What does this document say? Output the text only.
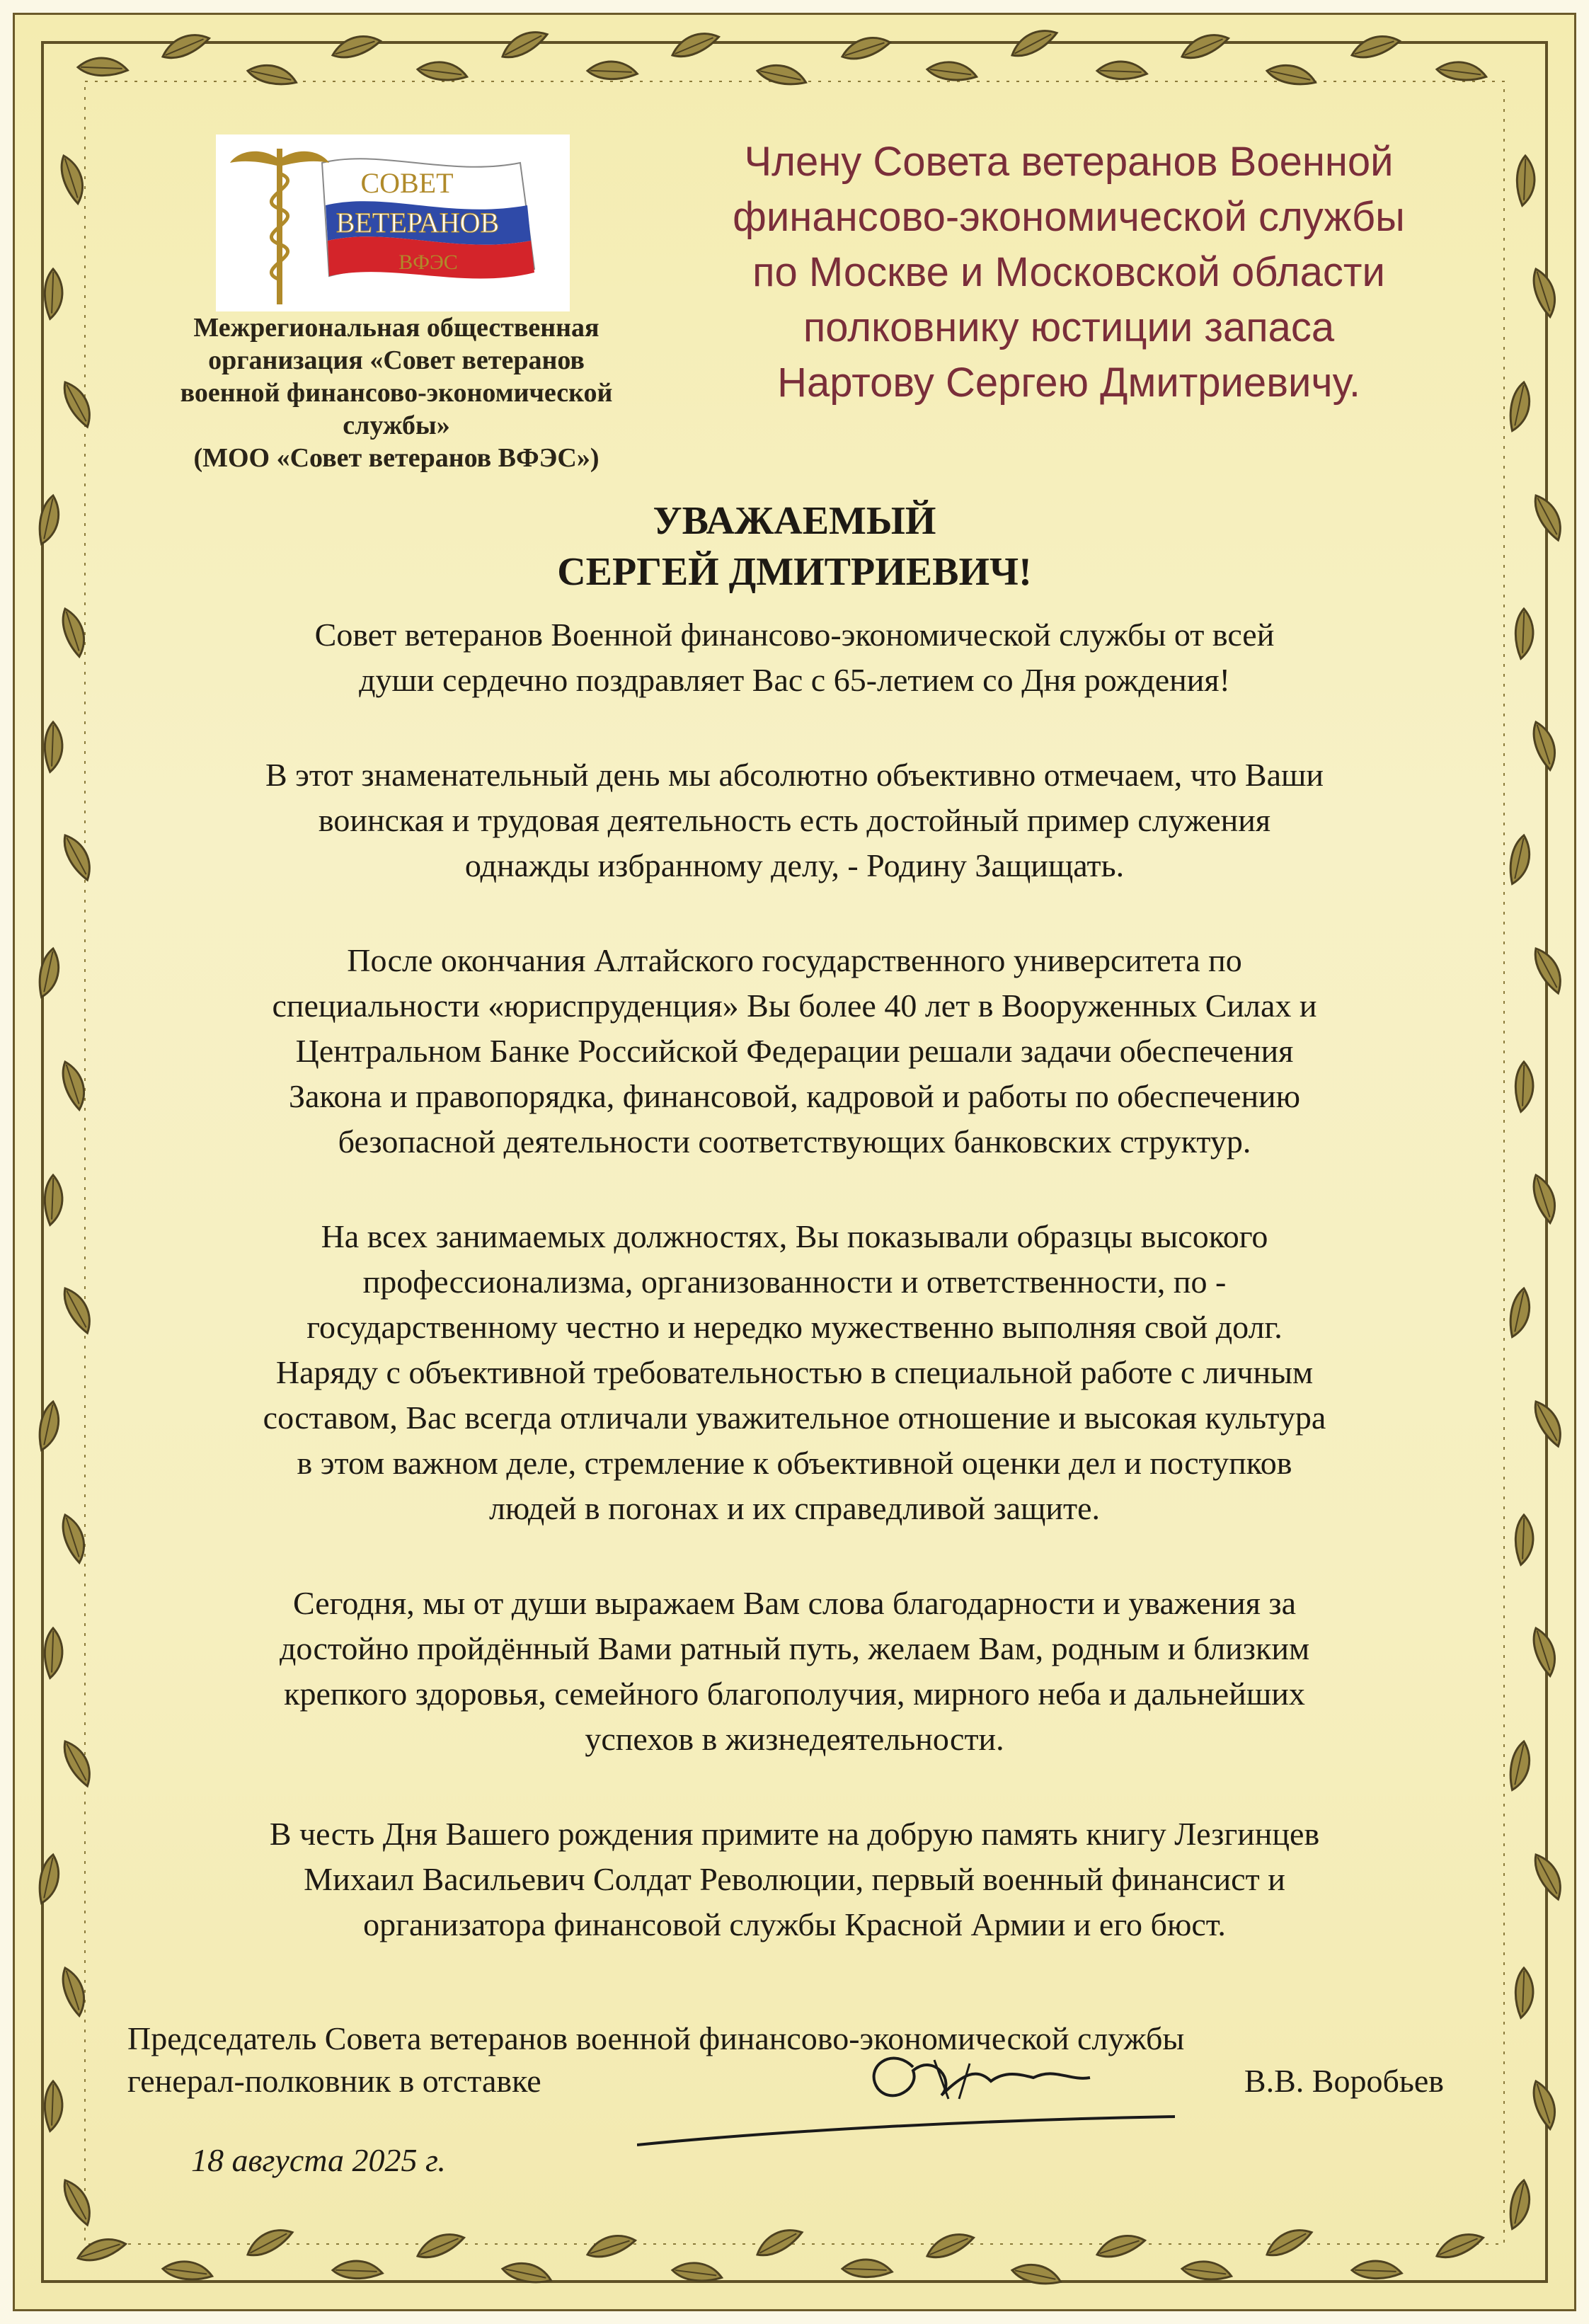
СОВЕТ
ВЕТЕРАНОВ
ВФЭС
Межрегиональная общественная
организация «Совет ветеранов
военной финансово-экономической
службы»
(МОО «Совет ветеранов ВФЭС»)
Члену Совета ветеранов Военной
финансово-экономической службы
по Москве и Московской области
полковнику юстиции запаса
Нартову Сергею Дмитриевичу.
УВАЖАЕМЫЙ
СЕРГЕЙ ДМИТРИЕВИЧ!
Совет ветеранов Военной финансово-экономической службы от всей
души сердечно поздравляет Вас с 65-летием со Дня рождения!
В этот знаменательный день мы абсолютно объективно отмечаем, что Ваши
воинская и трудовая деятельность есть достойный пример служения
однажды избранному делу, - Родину Защищать.
После окончания Алтайского государственного университета по
специальности «юриспруденция» Вы более 40 лет в Вооруженных Силах и
Центральном Банке Российской Федерации решали задачи обеспечения
Закона и правопорядка, финансовой, кадровой и работы по обеспечению
безопасной деятельности соответствующих банковских структур.
На всех занимаемых должностях, Вы показывали образцы высокого
профессионализма, организованности и ответственности, по -
государственному честно и нередко мужественно выполняя свой долг.
Наряду с объективной требовательностью в специальной работе с личным
составом, Вас всегда отличали уважительное отношение и высокая культура
в этом важном деле, стремление к объективной оценки дел и поступков
людей в погонах и их справедливой защите.
Сегодня, мы от души выражаем Вам слова благодарности и уважения за
достойно пройдённый Вами ратный путь, желаем Вам, родным и близким
крепкого здоровья, семейного благополучия, мирного неба и дальнейших
успехов в жизнедеятельности.
В честь Дня Вашего рождения примите на добрую память книгу Лезгинцев
Михаил Васильевич Солдат Революции, первый военный финансист и
организатора финансовой службы Красной Армии и его бюст.
Председатель Совета ветеранов военной финансово-экономической службы
генерал-полковник в отставке	В.В. Воробьев
18 августа 2025 г.
